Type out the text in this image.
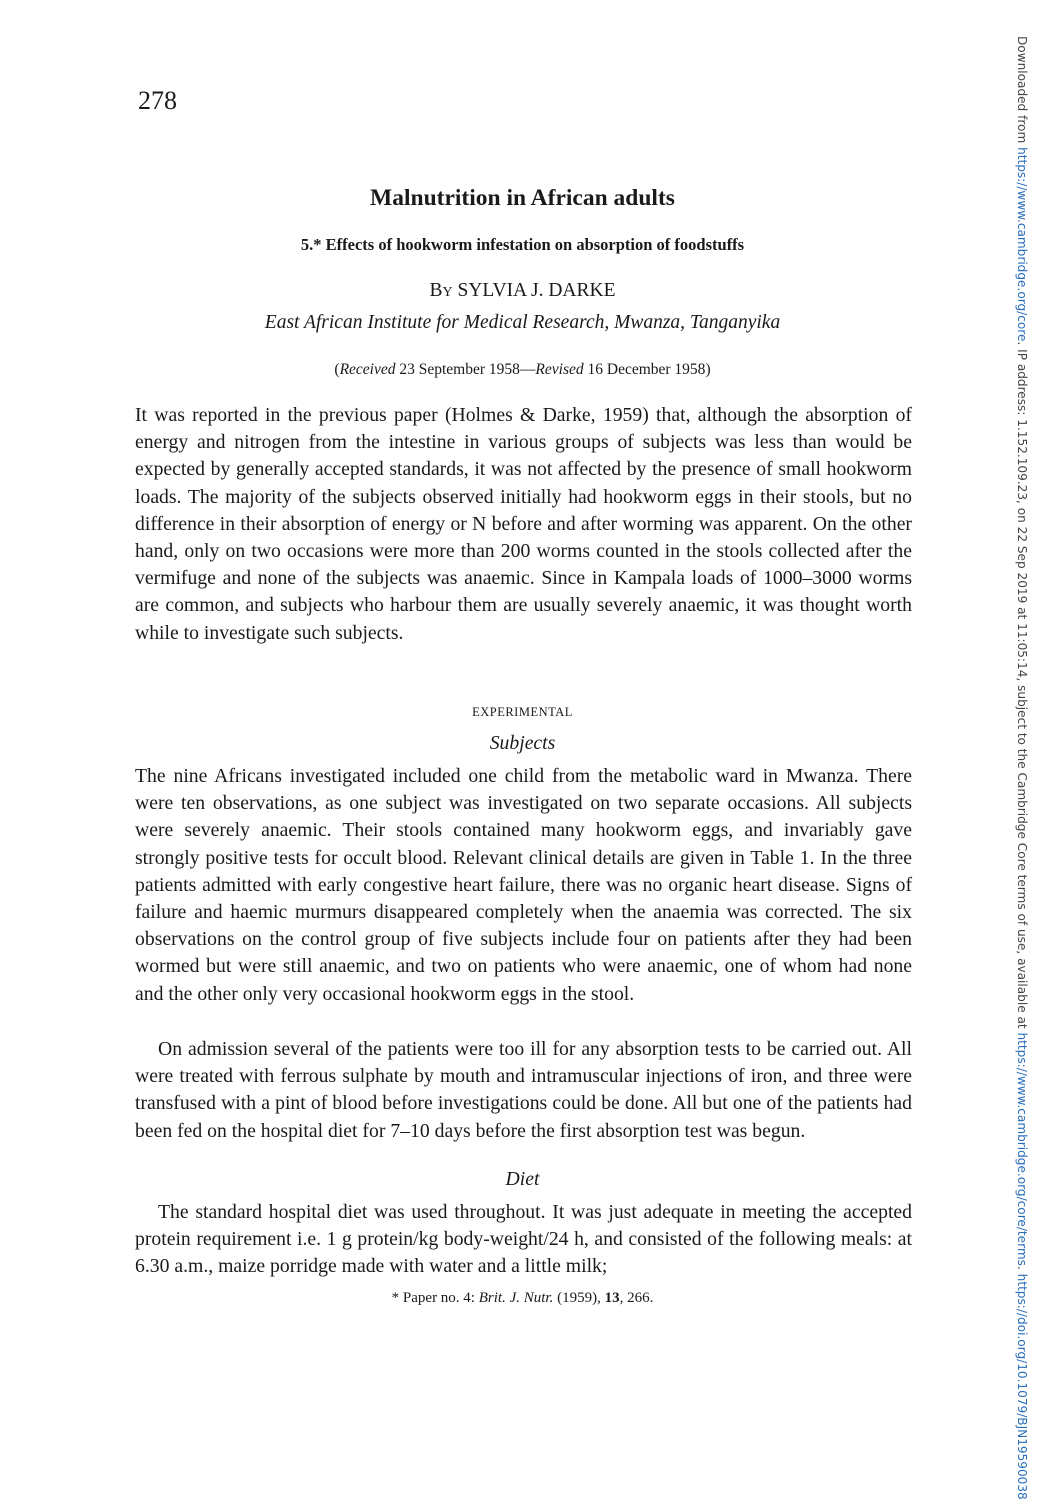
278
Malnutrition in African adults
5.* Effects of hookworm infestation on absorption of foodstuffs
By SYLVIA J. DARKE
East African Institute for Medical Research, Mwanza, Tanganyika
(Received 23 September 1958—Revised 16 December 1958)

It was reported in the previous paper (Holmes & Darke, 1959) that, although the absorption of energy and nitrogen from the intestine in various groups of subjects was less than would be expected by generally accepted standards, it was not affected by the presence of small hookworm loads. The majority of the subjects observed initially had hookworm eggs in their stools, but no difference in their absorption of energy or N before and after worming was apparent. On the other hand, only on two occasions were more than 200 worms counted in the stools collected after the vermifuge and none of the subjects was anaemic. Since in Kampala loads of 1000–3000 worms are common, and subjects who harbour them are usually severely anaemic, it was thought worth while to investigate such subjects.

EXPERIMENTAL
Subjects

The nine Africans investigated included one child from the metabolic ward in Mwanza. There were ten observations, as one subject was investigated on two separate occasions. All subjects were severely anaemic. Their stools contained many hookworm eggs, and invariably gave strongly positive tests for occult blood. Relevant clinical details are given in Table 1. In the three patients admitted with early congestive heart failure, there was no organic heart disease. Signs of failure and haemic murmurs disappeared completely when the anaemia was corrected. The six observations on the control group of five subjects include four on patients after they had been wormed but were still anaemic, and two on patients who were anaemic, one of whom had none and the other only very occasional hookworm eggs in the stool.

On admission several of the patients were too ill for any absorption tests to be carried out. All were treated with ferrous sulphate by mouth and intramuscular injections of iron, and three were transfused with a pint of blood before investigations could be done. All but one of the patients had been fed on the hospital diet for 7–10 days before the first absorption test was begun.

Diet

The standard hospital diet was used throughout. It was just adequate in meeting the accepted protein requirement i.e. 1 g protein/kg body-weight/24 h, and consisted of the following meals: at 6.30 a.m., maize porridge made with water and a little milk;

* Paper no. 4: Brit. J. Nutr. (1959), 13, 266.
Downloaded from https://www.cambridge.org/core. IP address: 1.152.109.23, on 22 Sep 2019 at 11:05:14, subject to the Cambridge Core terms of use, available at https://www.cambridge.org/core/terms. https://doi.org/10.1079/BJN19590038
